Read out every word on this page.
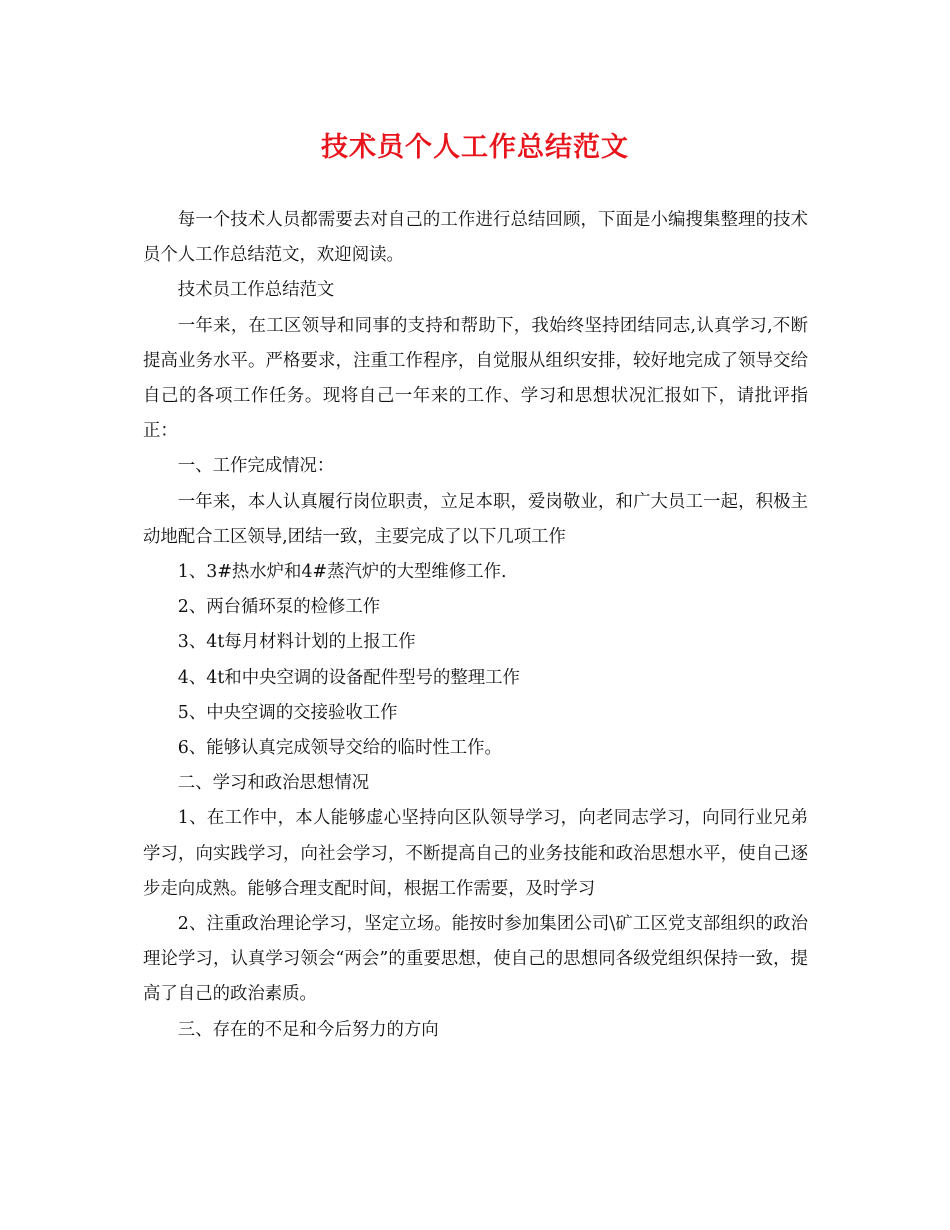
技术员个人工作总结范文

每一个技术人员都需要去对自己的工作进行总结回顾，下面是小编搜集整理的技术员个人工作总结范文，欢迎阅读。

技术员工作总结范文

一年来，在工区领导和同事的支持和帮助下，我始终坚持团结同志,认真学习,不断提高业务水平。严格要求，注重工作程序，自觉服从组织安排，较好地完成了领导交给自己的各项工作任务。现将自己一年来的工作、学习和思想状况汇报如下，请批评指正：

一、工作完成情况：

一年来，本人认真履行岗位职责，立足本职，爱岗敬业，和广大员工一起，积极主动地配合工区领导,团结一致，主要完成了以下几项工作

1、3#热水炉和4#蒸汽炉的大型维修工作.

2、两台循环泵的检修工作

3、4t每月材料计划的上报工作

4、4t和中央空调的设备配件型号的整理工作

5、中央空调的交接验收工作

6、能够认真完成领导交给的临时性工作。

二、学习和政治思想情况

1、在工作中，本人能够虚心坚持向区队领导学习，向老同志学习，向同行业兄弟学习，向实践学习，向社会学习，不断提高自己的业务技能和政治思想水平，使自己逐步走向成熟。能够合理支配时间，根据工作需要，及时学习

2、注重政治理论学习，坚定立场。能按时参加集团公司\矿工区党支部组织的政治理论学习，认真学习领会“两会”的重要思想，使自己的思想同各级党组织保持一致，提高了自己的政治素质。

三、存在的不足和今后努力的方向
